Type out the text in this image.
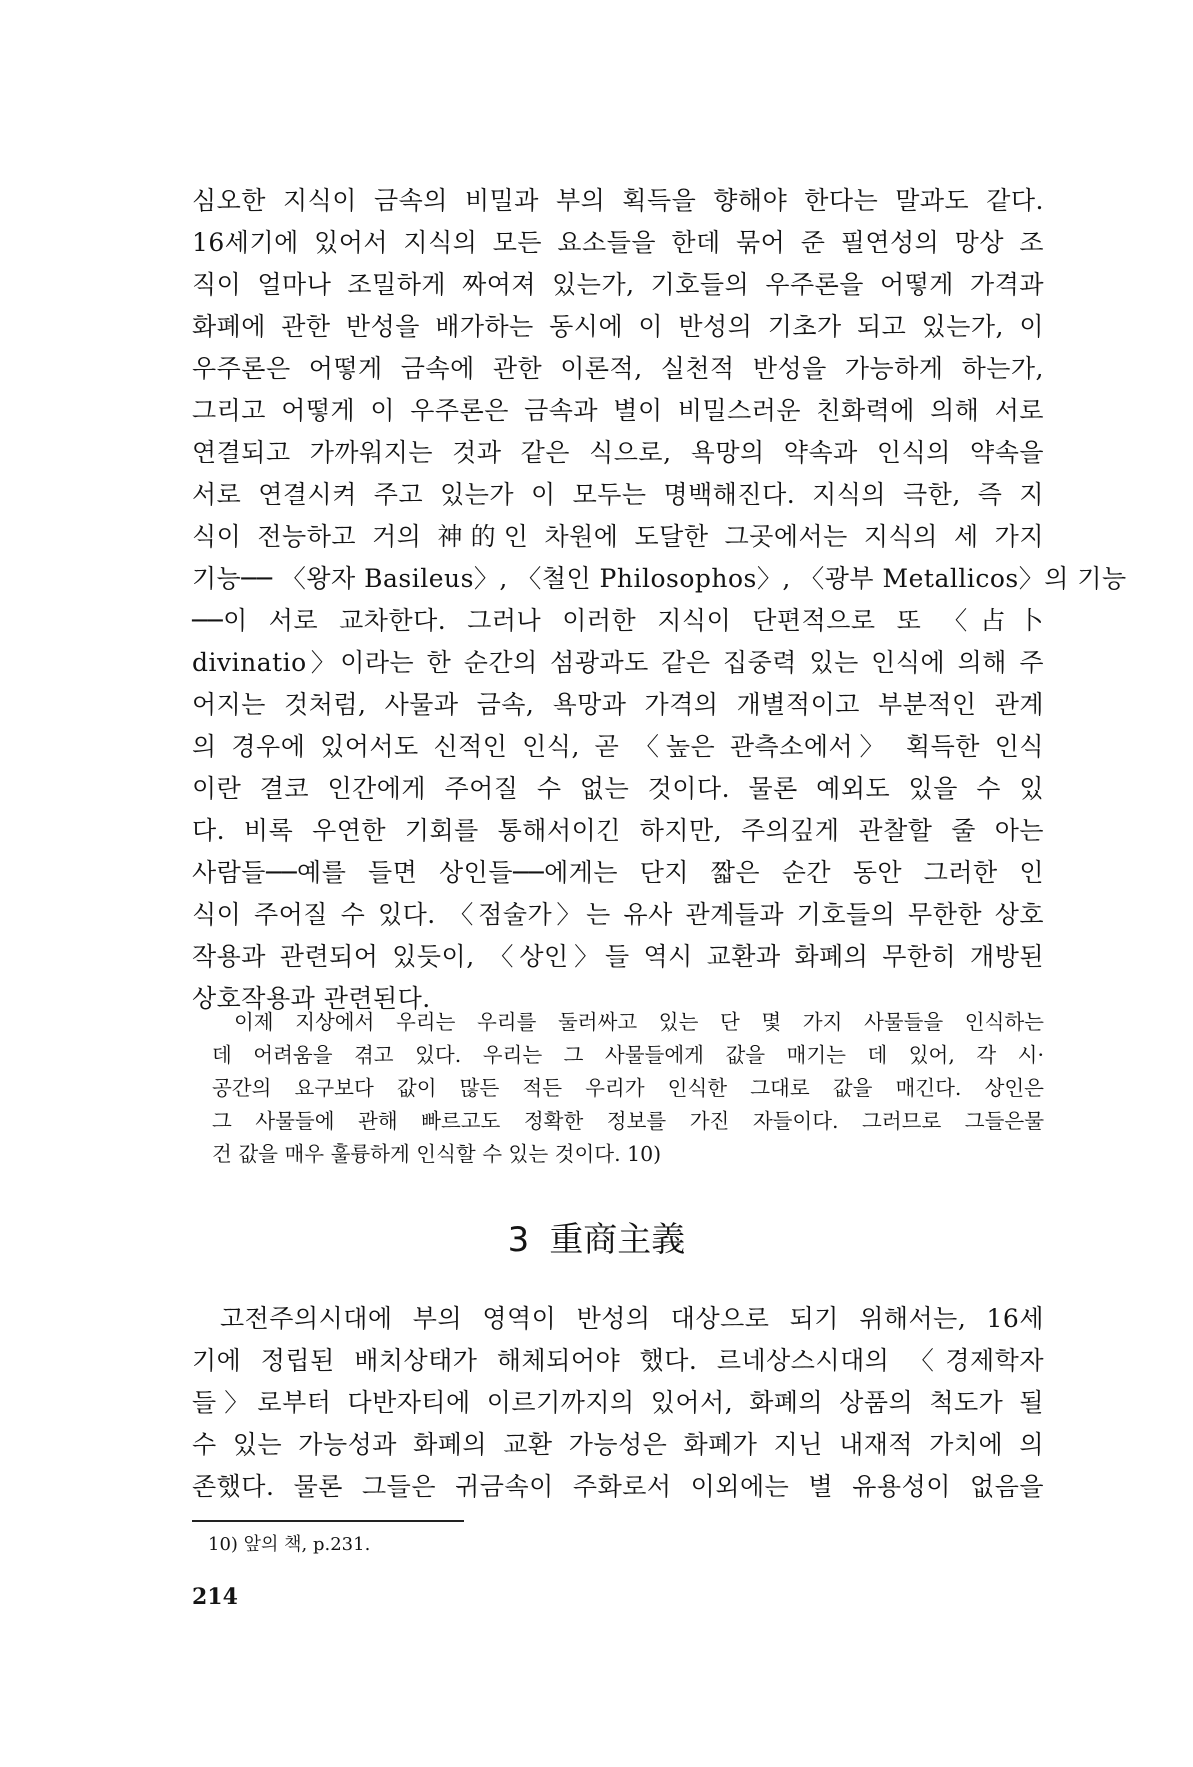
심오한 지식이 금속의 비밀과 부의 획득을 향해야 한다는 말과도 같다.
16세기에 있어서 지식의 모든 요소들을 한데 묶어 준 필연성의 망상 조
직이 얼마나 조밀하게 짜여져 있는가, 기호들의 우주론을 어떻게 가격과
화폐에 관한 반성을 배가하는 동시에 이 반성의 기초가 되고 있는가, 이
우주론은 어떻게 금속에 관한 이론적, 실천적 반성을 가능하게 하는가,
그리고 어떻게 이 우주론은 금속과 별이 비밀스러운 친화력에 의해 서로
연결되고 가까워지는 것과 같은 식으로, 욕망의 약속과 인식의 약속을
서로 연결시켜 주고 있는가 이 모두는 명백해진다. 지식의 극한, 즉 지
식이 전능하고 거의 神的인 차원에 도달한 그곳에서는 지식의 세 가지
기능── 〈왕자 Basileus〉, 〈철인 Philosophos〉, 〈광부 Metallicos〉의 기능
──이 서로 교차한다. 그러나 이러한 지식이 단편적으로 또 〈占卜
divinatio〉이라는 한 순간의 섬광과도 같은 집중력 있는 인식에 의해 주
어지는 것처럼, 사물과 금속, 욕망과 가격의 개별적이고 부분적인 관계
의 경우에 있어서도 신적인 인식, 곧 〈높은 관측소에서〉 획득한 인식
이란 결코 인간에게 주어질 수 없는 것이다. 물론 예외도 있을 수 있
다. 비록 우연한 기회를 통해서이긴 하지만, 주의깊게 관찰할 줄 아는
사람들──예를 들면 상인들──에게는 단지 짧은 순간 동안 그러한 인
식이 주어질 수 있다. 〈점술가〉는 유사 관계들과 기호들의 무한한 상호
작용과 관련되어 있듯이, 〈상인〉들 역시 교환과 화폐의 무한히 개방된
상호작용과 관련된다.
이제 지상에서 우리는 우리를 둘러싸고 있는 단 몇 가지 사물들을 인식하는
데 어려움을 겪고 있다. 우리는 그 사물들에게 값을 매기는 데 있어, 각 시·
공간의 요구보다 값이 많든 적든 우리가 인식한 그대로 값을 매긴다. 상인은
그 사물들에 관해 빠르고도 정확한 정보를 가진 자들이다. 그러므로 그들은물
건 값을 매우 훌륭하게 인식할 수 있는 것이다. 10)
3 重商主義
고전주의시대에 부의 영역이 반성의 대상으로 되기 위해서는, 16세
기에 정립된 배치상태가 해체되어야 했다. 르네상스시대의 〈경제학자
들〉로부터 다반자티에 이르기까지의 있어서, 화폐의 상품의 척도가 될
수 있는 가능성과 화폐의 교환 가능성은 화폐가 지닌 내재적 가치에 의
존했다. 물론 그들은 귀금속이 주화로서 이외에는 별 유용성이 없음을

10) 앞의 책, p.231.

214
